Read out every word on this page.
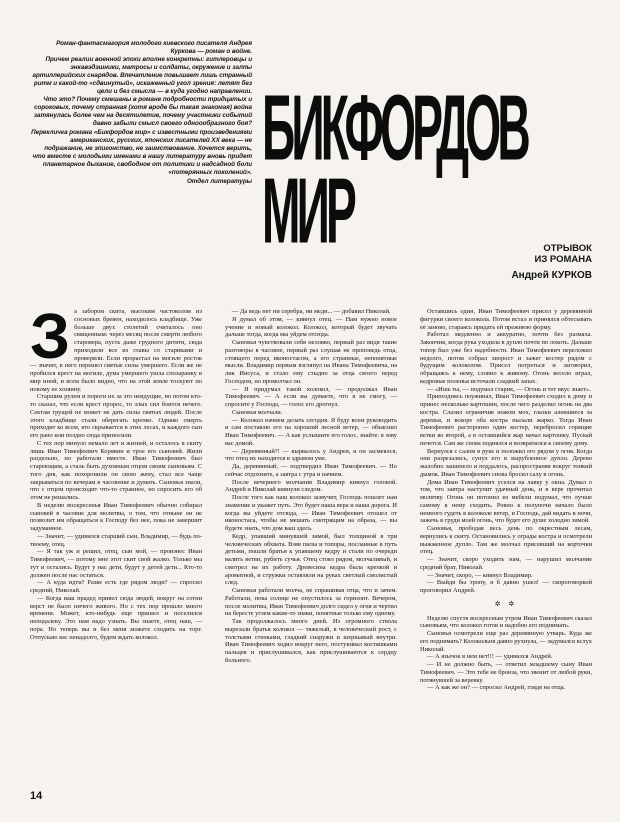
Роман-фантасмагория молодого киевского писателя Андрея Куркова — роман о войне.

Причем реалии военной эпохи вполне конкретны: гитлеровцы и энкавэдэшники, матросы и солдаты, окружение и залпы артиллерийских снарядов. Впечатление повышает лишь странный ритм и какой-то «сдвинутый», искаженный угол зрения: летят без цели и без смысла — в куда угодно направлении.

Что это? Почему смешаны в романе подробности тридцатых и сороковых, почему странная (хотя вроде бы такая знакомая) война затянулась более чем на десятилетие, почему участники событий давно забыли смысл своего одноообразного боя?

Перекличка романа «Бикфордов мир» с известными произведениями американских, русских, японских писателей XX века — не подражание, не эпигонство, не заимствование. Хочется верить, что вместе с молодыми именами в нашу литературу вновь придет планетарное дыхание, свободное от политики и надсадной боли «потерянных поколений».

Отдел литературы

БИКФОРДОВ
МИР	ОТРЫВОК
ИЗ РОМАНА
Андрей КУРКОВ
З а забором скита, высоким частоколом из сосновых бревен, находилось кладбище. Уже больше двух столетий считалось оно священным: через месяц после смерти любого старовера, пусть даже грудного дитяти, сюда приходили все из главы со стариками и проверяли. Если прорастал на могиле росток — значит, в него перешел святые силы умершего. Если же не пробился крест на могиле, дума умершего ушла спозаранку в мир иной, и всем было видно, что на этой земле тоскуют по новому ее хозяину.

Старшим рулем и пороги их за это неидущие, но потом кто-то сказал, что если крест пророс, то злых сил боится нечего. Сектам грущей не может не дать силы святых людей. После этого кладбище стали оберегать крепко. Однако смерть приходит ко всем, кто скрывается в этих лесах, и каждого сын его рано или поздно сюда приносили.

С тех пор минуло немало лет и жизней, и осталось в скиту лишь Иван Тимофеевич Корявин и трое его сыновей. Жили раздельно, но работали вместе. Иван Тимофеевич был стареющим, а сталь быть духовным отцом своим сыновьям. С того дня, как похоронили он свою жену, стал все чаще закрываться по вечерам в часовенке и думать. Сыновья знали, что с отцом происходит что-то странное, но спросить его об этом не решались.

В неделю воскресенья Иван Тимофеевич обычно собирал сыновей в часовне для молитвы, о том, что отныне он не позволит им обращаться к Господу без нее, пока не завершит задуманное.

— Значит, — удивился старший сын, Владимир, — будь по-твоему, отец.

— Я так уж и решил, отец, сын мой, — произнес Иван Тимофеевич, — потому мне этот скит свой жалко. Только мы тут и остались. Будут у нас дети, будут у детей дети... Кто-то должен после нас остаться.

— А куда идти? Разве есть где рядом люди? — спросил средний, Николай.

— Когда ваш прадед привел сюда людей, вокруг на сотни верст не было ничего живого. Но с тех пор прошло много времени. Может, кто-нибудь еще пришел и поселился неподалеку. Это нам надо узнать. Вы знаете, отец наш, — пора. Но теперь вы и без меня можете сходить на торг. Отпускаю вас ненадолго, будем ждать колокол.

— Да ведь нет ни серебра, ни меди... — добавил Николай.

Я думал об этом, — кивнул отец. — Нам нужно новое учение и новый колокол. Колокол, который будет звучать дальше тогда, когда мы уйдем отсюда.

Сыновья чувствовали себя неловко, первый раз видя такие разговоры в часовне, первый раз слушая не проповедь отца, стоящего перед иконостасом, а его странные, непонятные мысли. Владимир первым взглянул на Ивана Тимофеевича, на лик Иисуса, и стало ему стыдно за отца своего перед Господом, но промолчал он.

— Я придумал такой колокол, — продолжал Иван Тимофеевич. — А если вы думаете, что я не смогу, — спросите у Господа, — голос его дрогнул.

Сыновья молчали.

— Колокол начнем делать сегодня. Я буду всем руководить и сам поставлю его на хороший лесной ветер, — объяснил Иван Тимофеевич. — А как услышите его голос, знайте: я зову вас домой.

— Деревянный?! — вырвалось у Андрея, и он засмеялся, что отец их находится в здравом уме.

Да, деревянный, — подтвердил Иван Тимофеевич. — Но сейчас отдохните, а завтра с утра и начнем.

После вечернего молчания Владимир кивнул головой. Андрей и Николай кивнули следом.

После того как наш колокол зазвучит, Господь пошлет нам знамение и укажет путь. Это будет наша вера и наша дорога. И когда вы уйдете отсюда, — Иван Тимофеевич отошел от иконостаса, чтобы не мешать смотрящим на образа, — вы будете знать, что дом ваш здесь.

Кедр, упавший минувшей зимой, был толщиной в три человеческих обхвата. Взяв пилы и топоры, посланные в путь детьми, пошли братья к упавшему кедру и стали по очереди валить ветви, рубить сучья. Отец стоял рядом, молчаливый, и смотрел на их работу. Древесина кедра была крепкой и ароматной, и стружки оставляли на руках светлый смолистый след.

Сыновья работали молча, не спрашивая отца, что и зачем. Работали, пока солнце не опустилось за горизонт. Вечером, после молитвы, Иван Тимофеевич долго сидел у огня и чертил на бересте углем какие-то знаки, понятные только ему одному.

Так продолжалось много дней. Из огромного ствола вырезали братья колокол — тяжелый, в человеческий рост, с толстыми стенками, гладкий снаружи и шершавый внутри. Иван Тимофеевич ходил вокруг него, постукивал костяшками пальцев и прислушивался, как прислушиваются к сердцу больного.

Оставшись один, Иван Тимофеевич присел у деревянной фигурки своего колокола. Потом встал и принялся обтесывать её заново, стараясь придать ей прежнюю форму.

Работал медленно и аккуратно, почти без размаха. Закончив, когда рука уходила в дупло почти по локоть. Дальше топор был уже без надобности. Иван Тимофеевич переложил недолго, потом собрал хворост и зажег костер рядом с будущим колоколом. Присел погреться и заговорил, обращаясь к нему, словно к живому. Огонь весело играл, кедровые поленья источали сладкий запах.

— «Ишь ты, — подумал старик, — Огонь и тот вкус знает».

Припозднясь поужинал, Иван Тимофеевич сходил к дому и принес несколько картошин, после чего разделил огонь на два костра. Слазил ограничив ножом мох, глазки алевшиеся за деревья, и вскоре оба костра пылали жарко. Тогда Иван Тимофеевич расторопно один костер, перебросил горящие ветки во второй, а в оставшийся жар начал картошку. Пускай печется. Сам же снова поднялся и возвратился к своему дому.

Вернулся с салом в руке и положил его рядом у огня. Когда они разрезались, сунул его в вырубленное дупло. Дерево жалобно зашипело и поддалось, распространяя вокруг тонкий дымок. Иван Тимофеевич снова бросил салу в огонь.

Дома Иван Тимофеевич уселся на лавку у окна. Думал о том, что завтра наступит удачный день, и в вере прочитал молитву. Огонь он потопил из мебели подумал, что лучше самому к нему сходить. Ровно к полуночи начало было немного гудеть в колоколе ветер, и Господь, дай видать в ночи, зажечь в груди моей огонь, что будет его душе холодно зимой.

Сыновья, прободав весь день по окрестным лесам, вернулись к скиту. Остановились у ограды костра и осмотрели выжженное дупло. Там же молчал присевший на корточки отец.

— Значит, скоро уходить нам, — нарушил молчание средний брат, Николай.

— Значит, скоро, — кивнул Владимир.

— Выйдя бы тропу, я б давно ушел! — скороговоркой проговорил Андрей.

✲ ✲

Неделю спустя воскресным утром Иван Тимофеевич сказал сыновьям, что колокол готов и надобно его поднимать.

Сыновья осмотрели еще раз деревянную утварь. Куда же его поднимать? Колокольня давно рухнула, — задумался вслух Николай.

— А язычок в нем нет!!! — удивился Андрей.

— И не должно быть, — ответил младшему сыну Иван Тимофеевич. — Это тебе не бронза, что звенит от любой руки, потянувшей за веревку.

— А как же он? — спросил Андрей, глядя на отца.

14
